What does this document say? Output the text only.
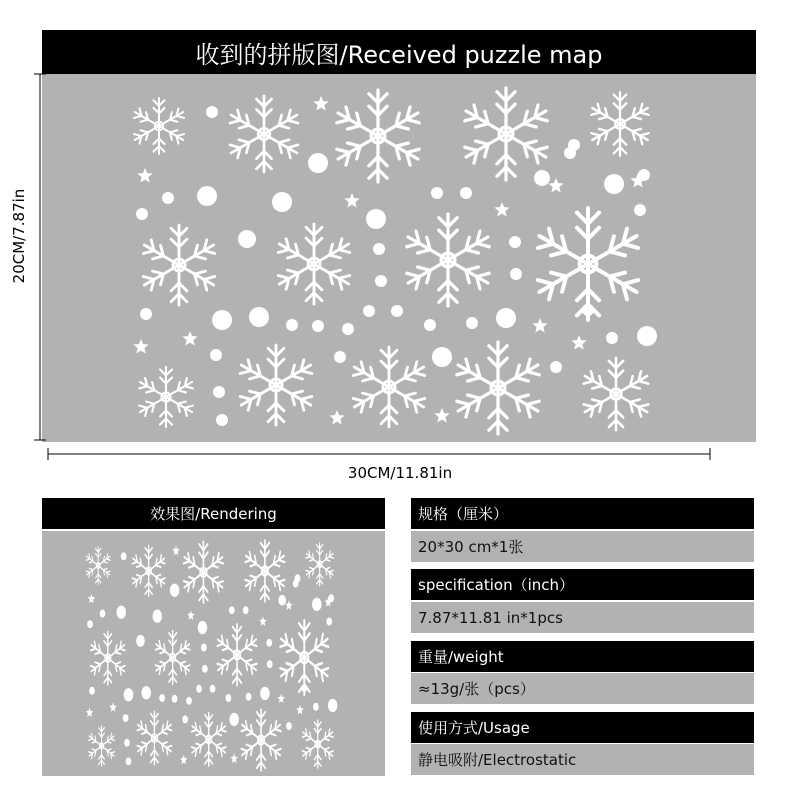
收到的拼版图/Received puzzle map
20CM/7.87in
30CM/11.81in
效果图/Rendering	规格（厘米）
20*30 cm*1张
specification（inch）
7.87*11.81 in*1pcs
重量/weight
≈13g/张（pcs）
使用方式/Usage
静电吸附/Electrostatic
